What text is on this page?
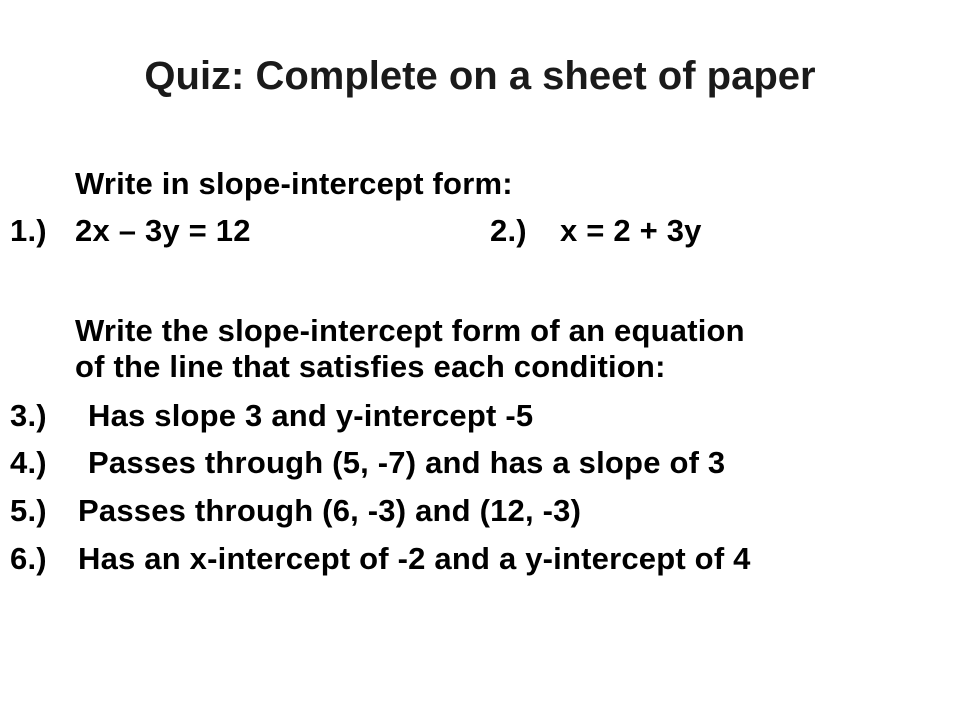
Quiz: Complete on a sheet of paper
Write in slope-intercept form:
1.) 2x – 3y = 12	2.) x = 2 + 3y
Write the slope-intercept form of an equation
of the line that satisfies each condition:
3.) Has slope 3 and y-intercept -5
4.) Passes through (5, -7) and has a slope of 3
5.) Passes through (6, -3) and (12, -3)
6.) Has an x-intercept of -2 and a y-intercept of 4
